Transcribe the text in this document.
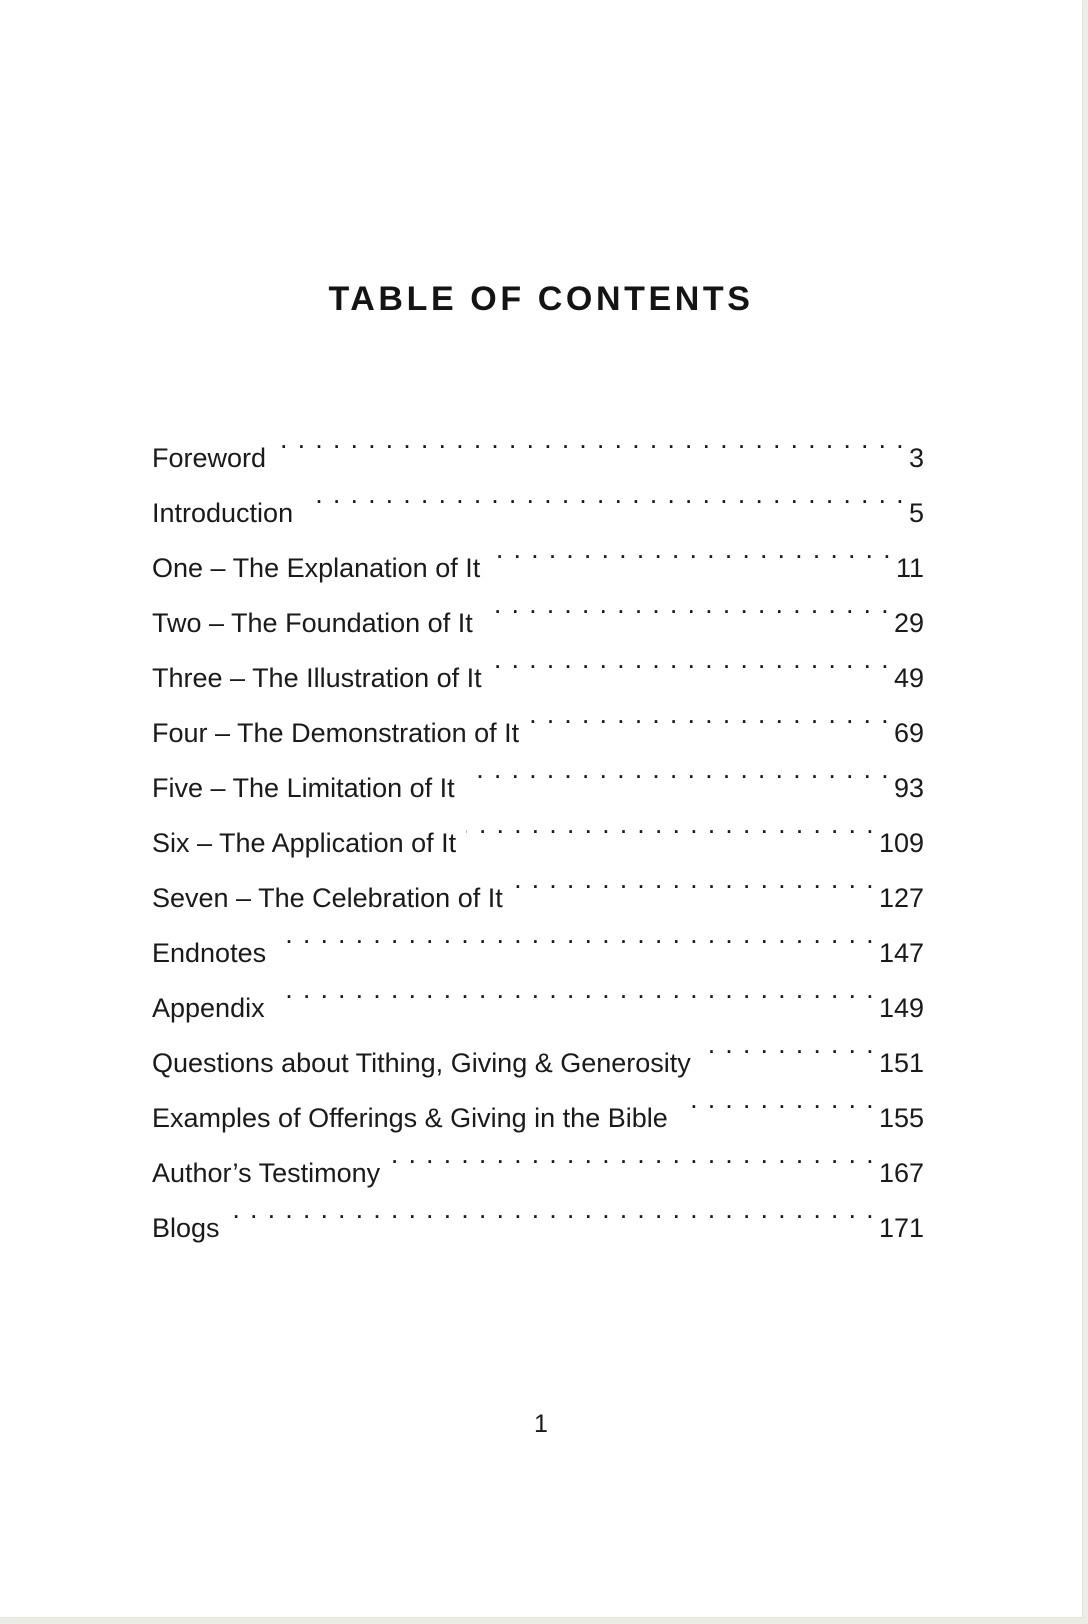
TABLE OF CONTENTS
Foreword . . .	3
Introduction . . .	5
One – The Explanation of It . . .	11
Two – The Foundation of It . . .	29
Three – The Illustration of It . . .	49
Four – The Demonstration of It . . .	69
Five – The Limitation of It . . .	93
Six – The Application of It . . .	109
Seven – The Celebration of It . . .	127
Endnotes . . .	147
Appendix . . .	149
Questions about Tithing, Giving & Generosity . . .	151
Examples of Offerings & Giving in the Bible . . .	155
Author’s Testimony . . .	167
Blogs . . .	171
1
